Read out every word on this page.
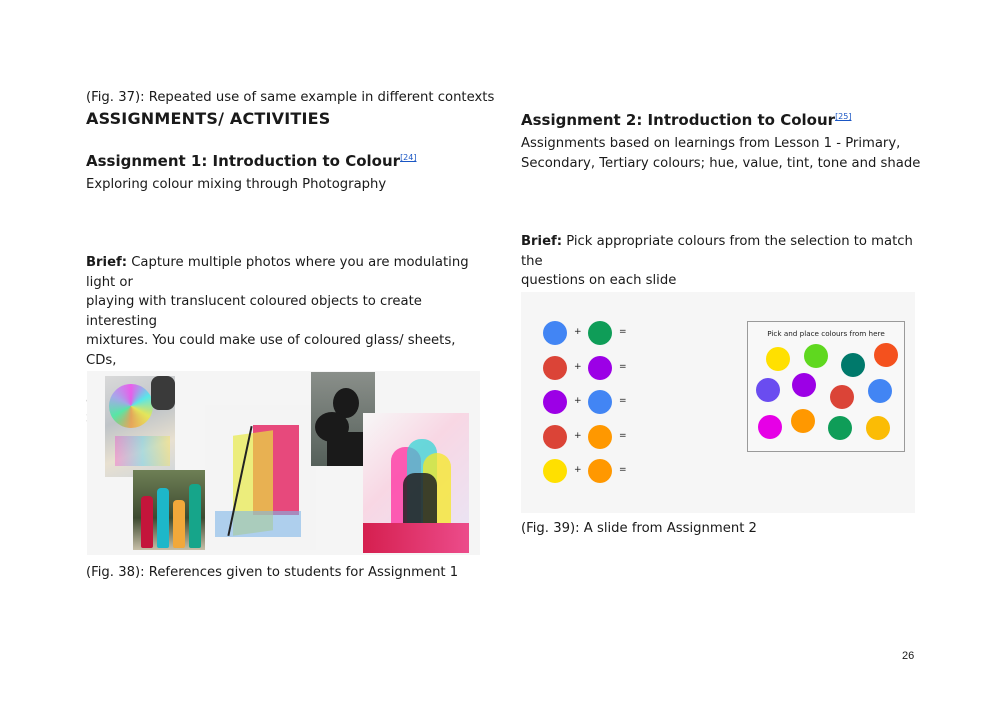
(Fig. 37): Repeated use of same example in different contexts
ASSIGNMENTS/ ACTIVITIES
Assignment 1: Introduction to Colour[24]
Exploring colour mixing through Photography
Brief: Capture multiple photos where you are modulating light or
playing with translucent coloured objects to create interesting
mixtures. You could make use of coloured glass/ sheets, CDs,
(Fig. 38): References given to students for Assignment 1
Assignment 2: Introduction to Colour[25]
Assignments based on learnings from Lesson 1 - Primary,
Secondary, Tertiary colours; hue, value, tint, tone and shade
Brief: Pick appropriate colours from the selection to match the
questions on each slide
Pick and place colours from here
+	=
+	=
+	=
+	=
+	=
(Fig. 39): A slide from Assignment 2
26
